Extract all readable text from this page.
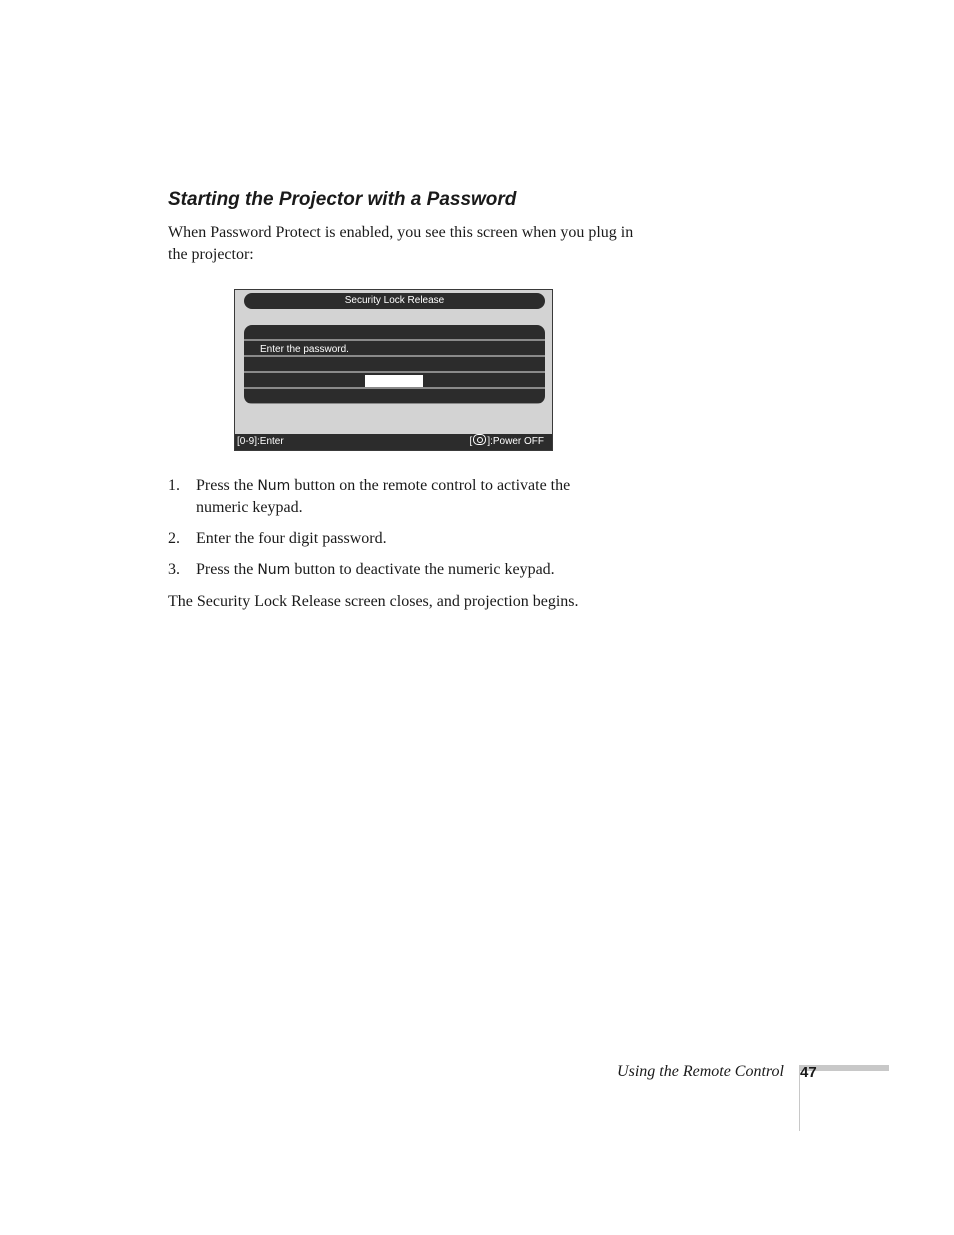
Starting the Projector with a Password

When Password Protect is enabled, you see this screen when you plug in the projector:

Security Lock Release
Enter the password.
[0-9]:Enter	[ ]:Power OFF
1. Press the Num button on the remote control to activate the numeric keypad.
2. Enter the four digit password.
3. Press the Num button to deactivate the numeric keypad.

The Security Lock Release screen closes, and projection begins.

Using the Remote Control 47
